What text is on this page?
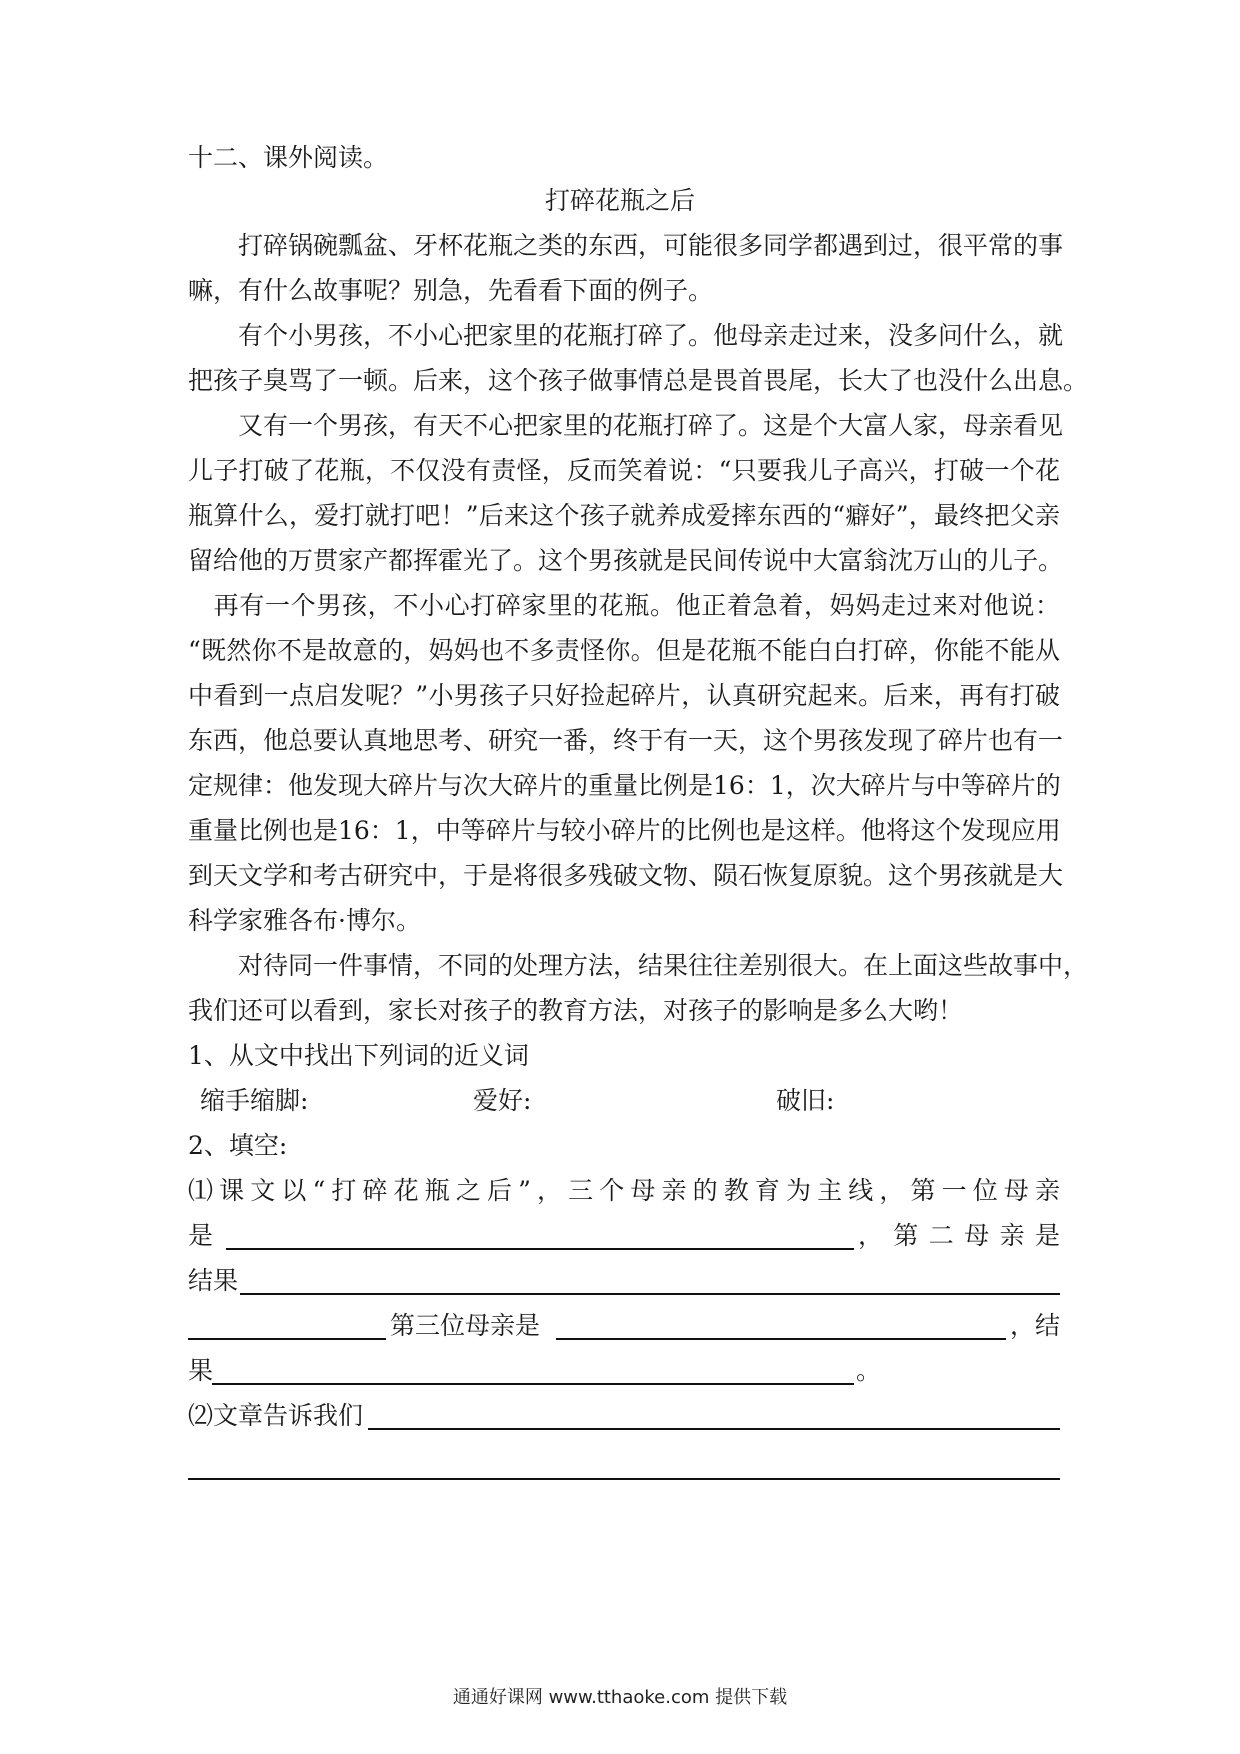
十二、课外阅读。
打碎花瓶之后
　　打碎锅碗瓢盆、牙杯花瓶之类的东西，可能很多同学都遇到过，很平常的事
嘛，有什么故事呢？别急，先看看下面的例子。
　　有个小男孩，不小心把家里的花瓶打碎了。他母亲走过来，没多问什么，就
把孩子臭骂了一顿。后来，这个孩子做事情总是畏首畏尾，长大了也没什么出息。
　　又有一个男孩，有天不心把家里的花瓶打碎了。这是个大富人家，母亲看见
儿子打破了花瓶，不仅没有责怪，反而笑着说：“只要我儿子高兴，打破一个花
瓶算什么，爱打就打吧！”后来这个孩子就养成爱摔东西的“癖好”，最终把父亲
留给他的万贯家产都挥霍光了。这个男孩就是民间传说中大富翁沈万山的儿子。
　再有一个男孩，不小心打碎家里的花瓶。他正着急着，妈妈走过来对他说：
“既然你不是故意的，妈妈也不多责怪你。但是花瓶不能白白打碎，你能不能从
中看到一点启发呢？”小男孩子只好捡起碎片，认真研究起来。后来，再有打破
东西，他总要认真地思考、研究一番，终于有一天，这个男孩发现了碎片也有一
定规律：他发现大碎片与次大碎片的重量比例是16：1，次大碎片与中等碎片的
重量比例也是16：1，中等碎片与较小碎片的比例也是这样。他将这个发现应用
到天文学和考古研究中，于是将很多残破文物、陨石恢复原貌。这个男孩就是大
科学家雅各布·博尔。
　　对待同一件事情，不同的处理方法，结果往往差别很大。在上面这些故事中，
我们还可以看到，家长对孩子的教育方法，对孩子的影响是多么大哟！
1、从文中找出下列词的近义词
缩手缩脚:	爱好:	破旧:
2、填空:
⑴课文以“打碎花瓶之后”，三个母亲的教育为主线，第一位母亲
是	，第二母亲是
结果
第三位母亲是	，结
果	。
⑵文章告诉我们
通通好课网 www.tthaoke.com 提供下载
